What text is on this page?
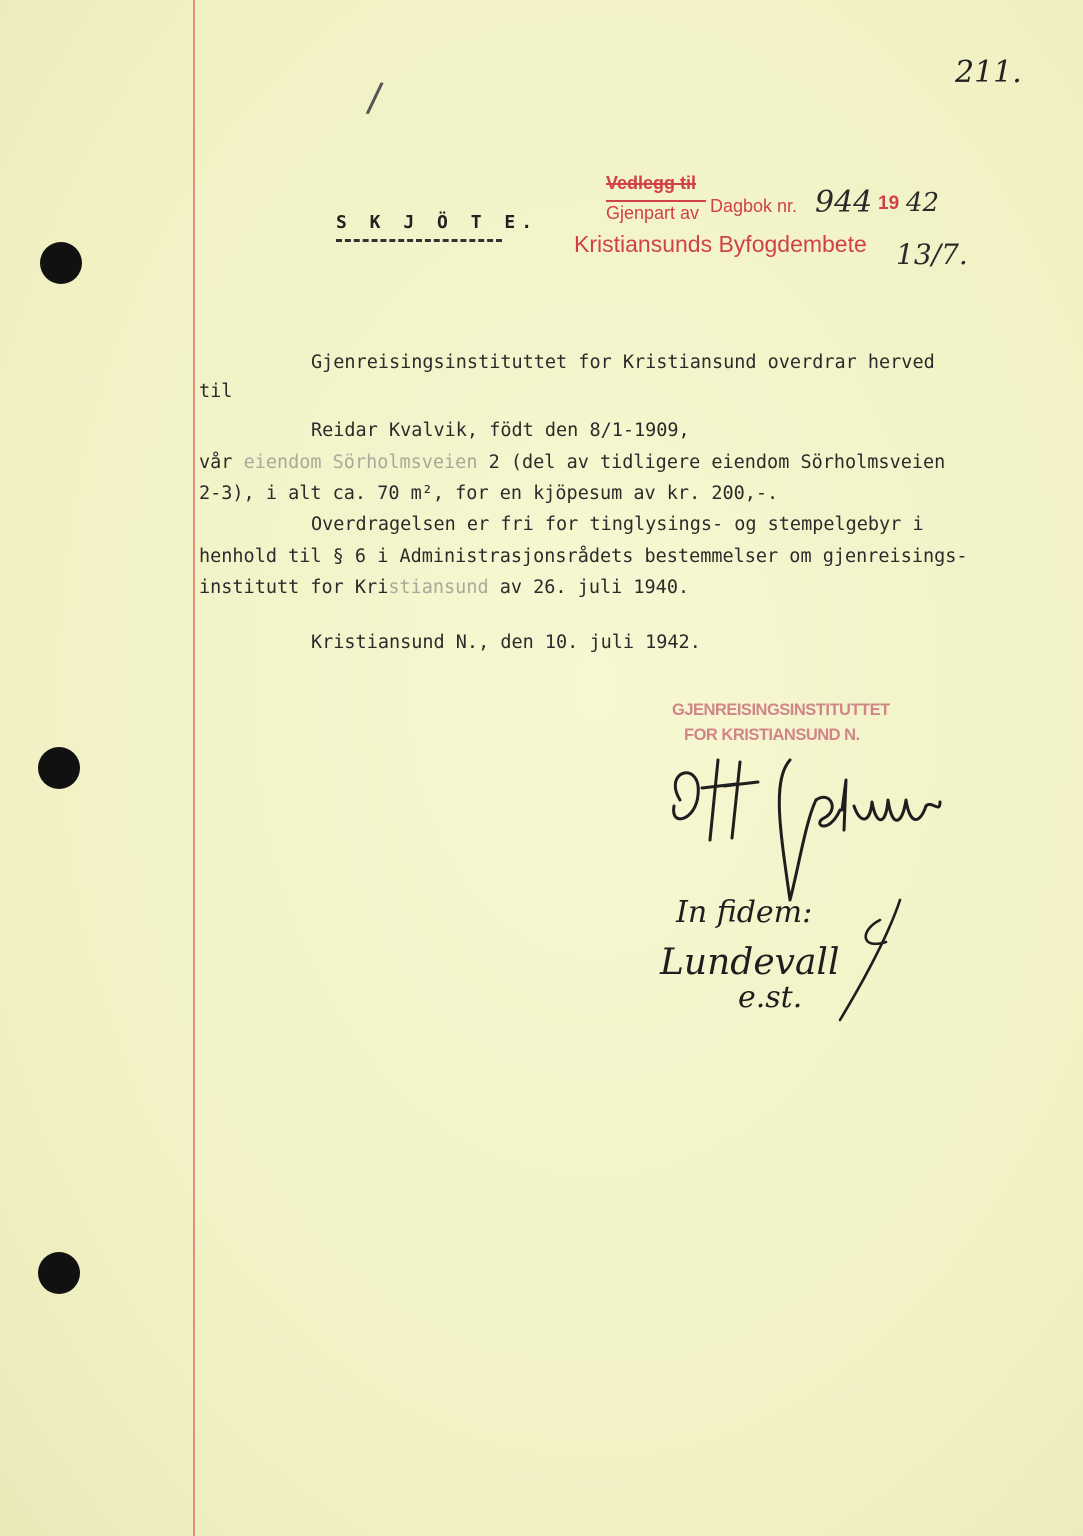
211.
/
S K J Ö T E.
Vedlegg til
Gjenpart av Dagbok nr. 944 19 42
Kristiansunds Byfogdembete 13/7.
Gjenreisingsinstituttet for Kristiansund overdrar herved
til
Reidar Kvalvik, födt den 8/1-1909,
vår eiendom Sörholmsveien 2 (del av tidligere eiendom Sörholmsveien
2-3), i alt ca. 70 m², for en kjöpesum av kr. 200,-.
Overdragelsen er fri for tinglysings- og stempelgebyr i
henhold til § 6 i Administrasjonsrådets bestemmelser om gjenreisings-
institutt for Kristiansund av 26. juli 1940.
Kristiansund N., den 10. juli 1942.
GJENREISINGSINSTITUTTET
FOR KRISTIANSUND N.
In fidem:
Lundevall
e.st.
